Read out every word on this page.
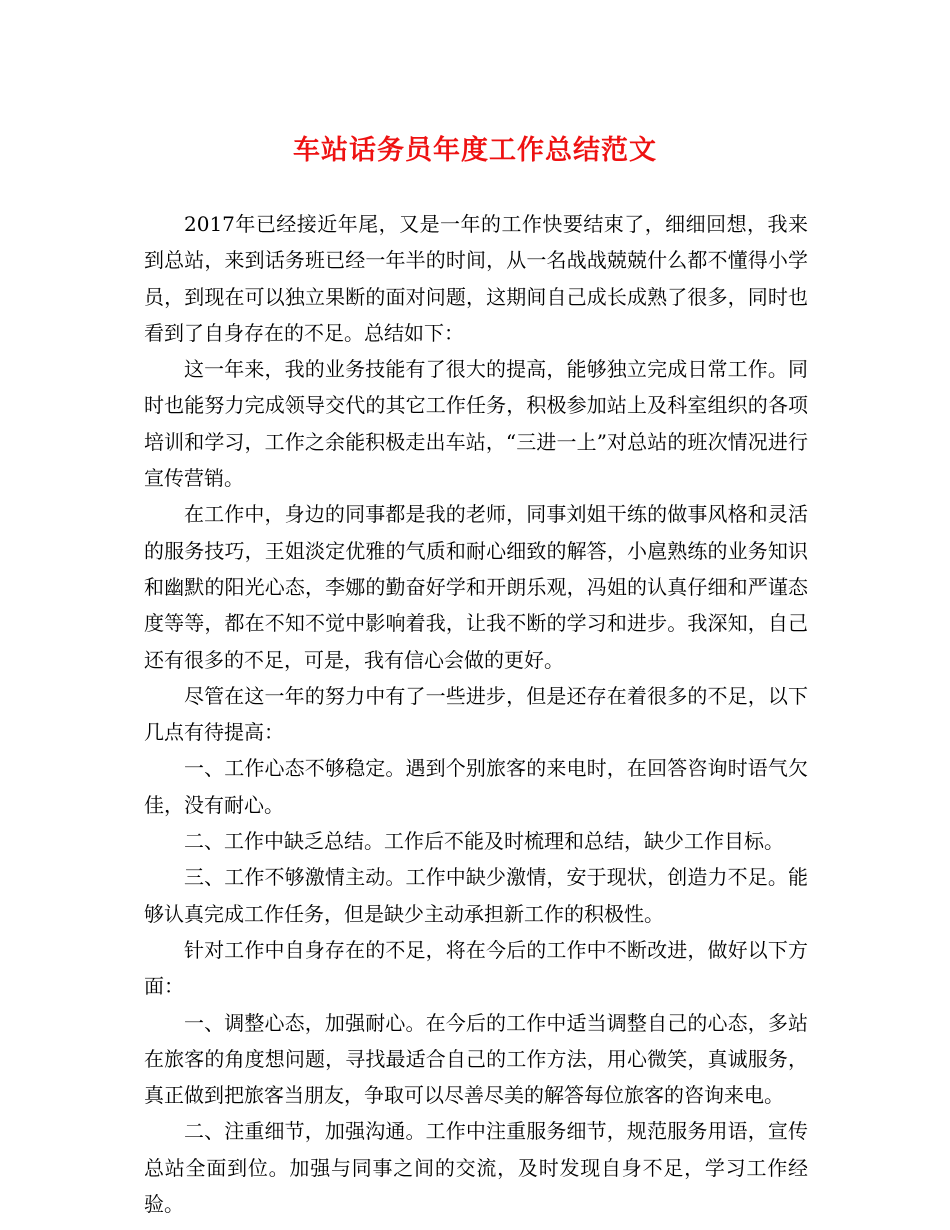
车站话务员年度工作总结范文

2017年已经接近年尾，又是一年的工作快要结束了，细细回想，我来到总站，来到话务班已经一年半的时间，从一名战战兢兢什么都不懂得小学员，到现在可以独立果断的面对问题，这期间自己成长成熟了很多，同时也看到了自身存在的不足。总结如下：

这一年来，我的业务技能有了很大的提高，能够独立完成日常工作。同时也能努力完成领导交代的其它工作任务，积极参加站上及科室组织的各项培训和学习，工作之余能积极走出车站，“三进一上”对总站的班次情况进行宣传营销。

在工作中，身边的同事都是我的老师，同事刘姐干练的做事风格和灵活的服务技巧，王姐淡定优雅的气质和耐心细致的解答，小扈熟练的业务知识和幽默的阳光心态，李娜的勤奋好学和开朗乐观，冯姐的认真仔细和严谨态度等等，都在不知不觉中影响着我，让我不断的学习和进步。我深知，自己还有很多的不足，可是，我有信心会做的更好。

尽管在这一年的努力中有了一些进步，但是还存在着很多的不足，以下几点有待提高：

一、工作心态不够稳定。遇到个别旅客的来电时，在回答咨询时语气欠佳，没有耐心。

二、工作中缺乏总结。工作后不能及时梳理和总结，缺少工作目标。

三、工作不够激情主动。工作中缺少激情，安于现状，创造力不足。能够认真完成工作任务，但是缺少主动承担新工作的积极性。

针对工作中自身存在的不足，将在今后的工作中不断改进，做好以下方面：

一、调整心态，加强耐心。在今后的工作中适当调整自己的心态，多站在旅客的角度想问题，寻找最适合自己的工作方法，用心微笑，真诚服务，真正做到把旅客当朋友，争取可以尽善尽美的解答每位旅客的咨询来电。

二、注重细节，加强沟通。工作中注重服务细节，规范服务用语，宣传总站全面到位。加强与同事之间的交流，及时发现自身不足，学习工作经验。
